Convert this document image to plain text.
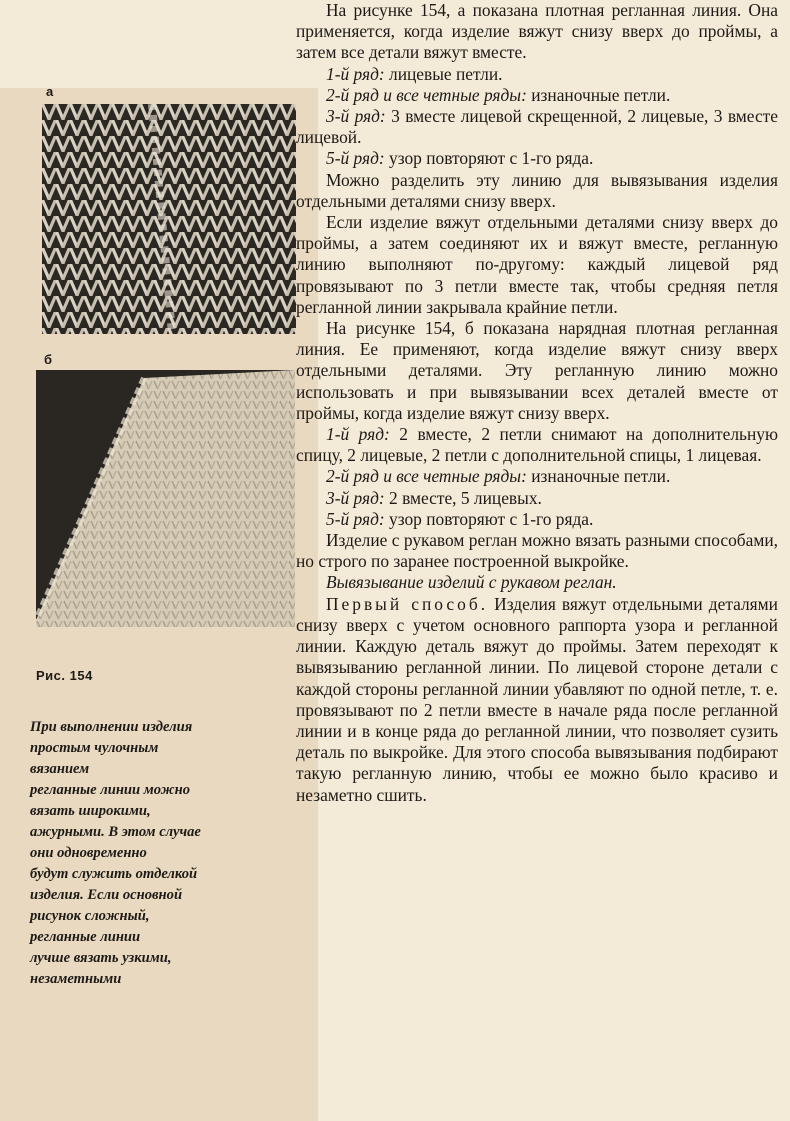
а
б
Рис. 154

При выполнении изделия

простым чулочным

вязанием

регланные линии можно

вязать широкими,

ажурными. В этом случае

они одновременно

будут служить отделкой

изделия. Если основной

рисунок сложный,

регланные линии

лучше вязать узкими,

незаметными

На рисунке 154, а показана плотная регланная линия. Она применяется, когда изделие вяжут снизу вверх до проймы, а затем все детали вяжут вместе.

1-й ряд: лицевые петли.

2-й ряд и все четные ряды: изнаночные петли.

3-й ряд: 3 вместе лицевой скрещенной, 2 лицевые, 3 вместе лицевой.

5-й ряд: узор повторяют с 1-го ряда.

Можно разделить эту линию для вывязывания изделия отдельными деталями снизу вверх.

Если изделие вяжут отдельными деталями снизу вверх до проймы, а затем соединяют их и вяжут вместе, регланную линию выполняют по-другому: каждый лицевой ряд провязывают по 3 петли вместе так, чтобы средняя петля регланной линии закрывала крайние петли.

На рисунке 154, б показана нарядная плотная регланная линия. Ее применяют, когда изделие вяжут снизу вверх отдельными деталями. Эту регланную линию можно использовать и при вывязывании всех деталей вместе от проймы, когда изделие вяжут снизу вверх.

1-й ряд: 2 вместе, 2 петли снимают на дополнительную спицу, 2 лицевые, 2 петли с дополнительной спицы, 1 лицевая.

2-й ряд и все четные ряды: изнаночные петли.

3-й ряд: 2 вместе, 5 лицевых.

5-й ряд: узор повторяют с 1-го ряда.

Изделие с рукавом реглан можно вязать разными способами, но строго по заранее построенной выкройке.

Вывязывание изделий с рукавом реглан.

Первый способ. Изделия вяжут отдельными деталями снизу вверх с учетом основного раппорта узора и регланной линии. Каждую деталь вяжут до проймы. Затем переходят к вывязыванию регланной линии. По лицевой стороне детали с каждой стороны регланной линии убавляют по одной петле, т. е. провязывают по 2 петли вместе в начале ряда после регланной линии и в конце ряда до регланной линии, что позволяет сузить деталь по выкройке. Для этого способа вывязывания подбирают такую регланную линию, чтобы ее можно было красиво и незаметно сшить.
